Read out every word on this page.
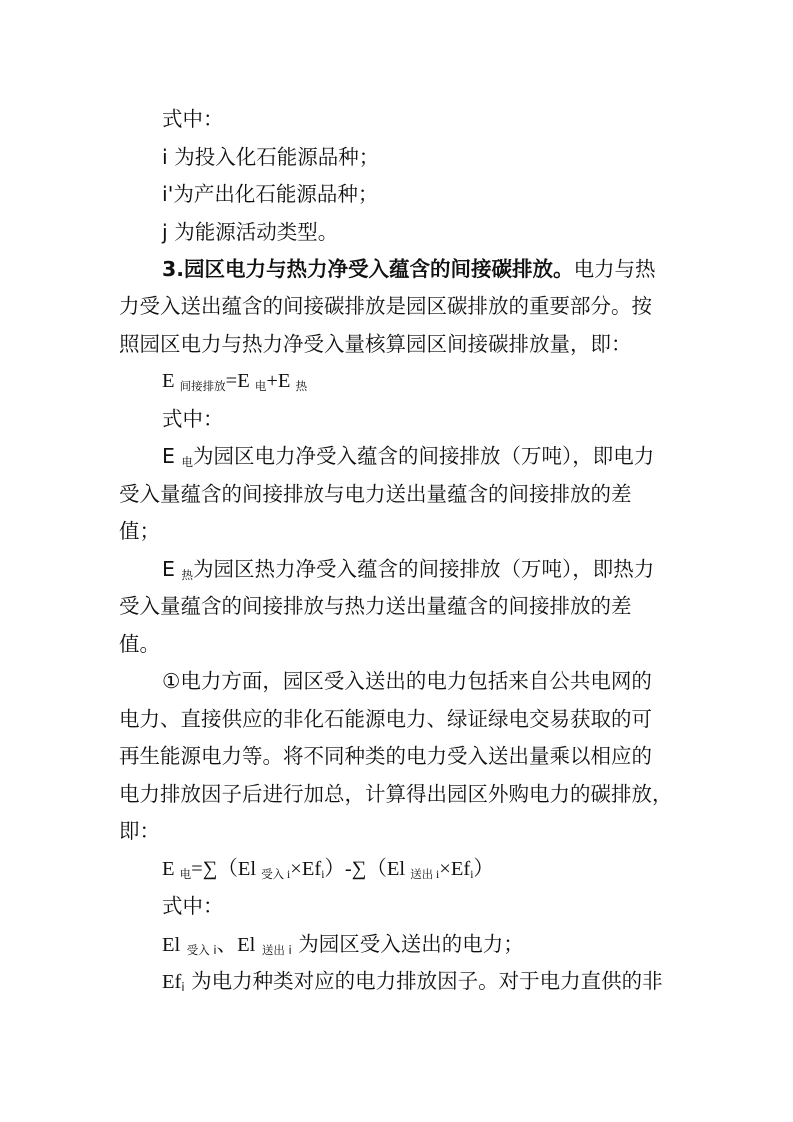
式中：
i 为投入化石能源品种；
i'为产出化石能源品种；
j 为能源活动类型。
3.园区电力与热力净受入蕴含的间接碳排放。电力与热
力受入送出蕴含的间接碳排放是园区碳排放的重要部分。按
照园区电力与热力净受入量核算园区间接碳排放量，即：
E $_{间接排放}$=E $_电$+E $_热$
式中：
E $_电$为园区电力净受入蕴含的间接排放（万吨），即电力
受入量蕴含的间接排放与电力送出量蕴含的间接排放的差
值；
E $_热$为园区热力净受入蕴含的间接排放（万吨），即热力
受入量蕴含的间接排放与热力送出量蕴含的间接排放的差
值。
①电力方面，园区受入送出的电力包括来自公共电网的
电力、直接供应的非化石能源电力、绿证绿电交易获取的可
再生能源电力等。将不同种类的电力受入送出量乘以相应的
电力排放因子后进行加总，计算得出园区外购电力的碳排放，
即：
E $_电$=∑（El $_{受入 i}\times Ef_i)-\sum(El$ $_{送出 i}\times Ef_i$）
式中：
El $_{受入 i}$、El $_{送出 i}$ 为园区受入送出的电力；
$Ef_i$ 为电力种类对应的电力排放因子。对于电力直供的非
